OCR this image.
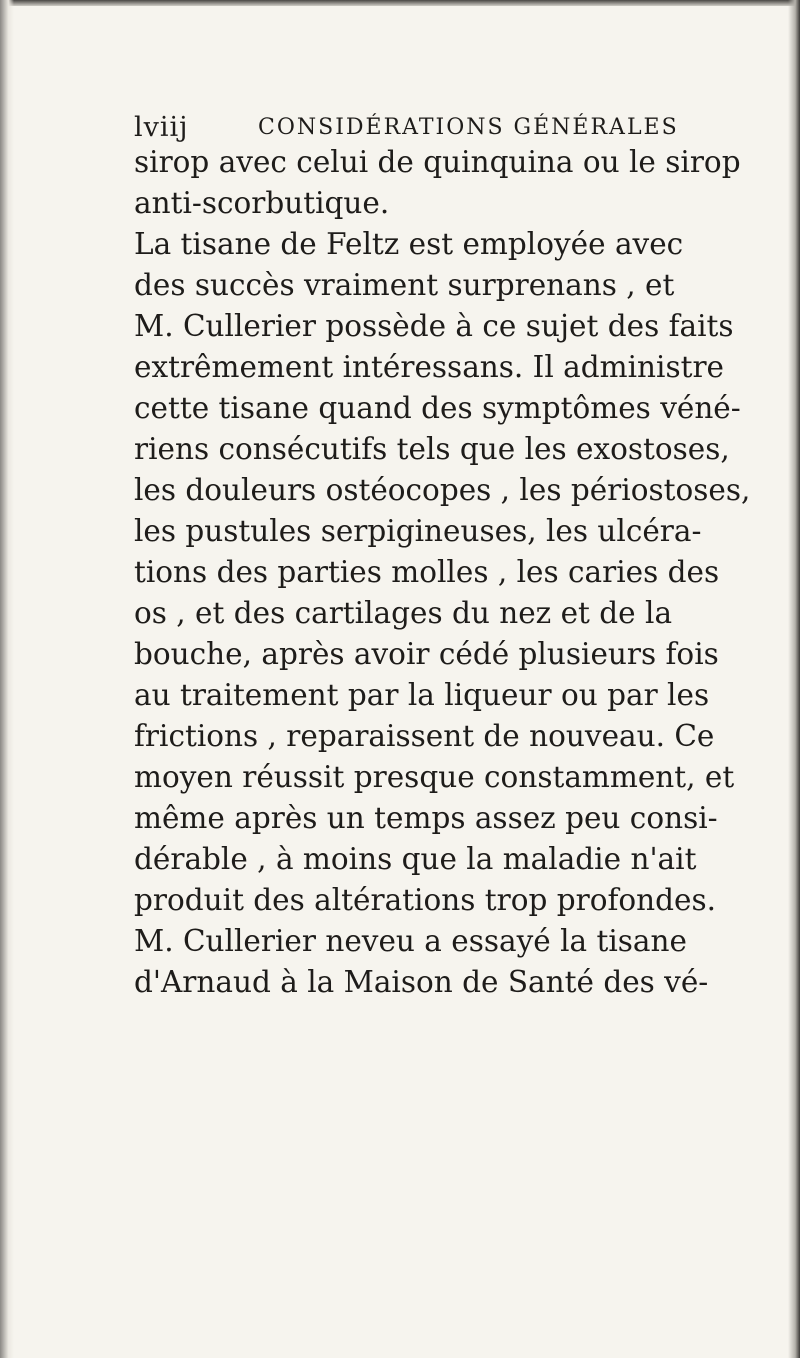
lviij	CONSIDÉRATIONS GÉNÉRALES
sirop avec celui de quinquina ou le sirop
anti-scorbutique.
La tisane de Feltz est employée avec
des succès vraiment surprenans , et
M. Cullerier possède à ce sujet des faits
extrêmement intéressans. Il administre
cette tisane quand des symptômes véné-
riens consécutifs tels que les exostoses,
les douleurs ostéocopes , les périostoses,
les pustules serpigineuses, les ulcéra-
tions des parties molles , les caries des
os , et des cartilages du nez et de la
bouche, après avoir cédé plusieurs fois
au traitement par la liqueur ou par les
frictions , reparaissent de nouveau. Ce
moyen réussit presque constamment, et
même après un temps assez peu consi-
dérable , à moins que la maladie n'ait
produit des altérations trop profondes.
M. Cullerier neveu a essayé la tisane
d'Arnaud à la Maison de Santé des vé-
